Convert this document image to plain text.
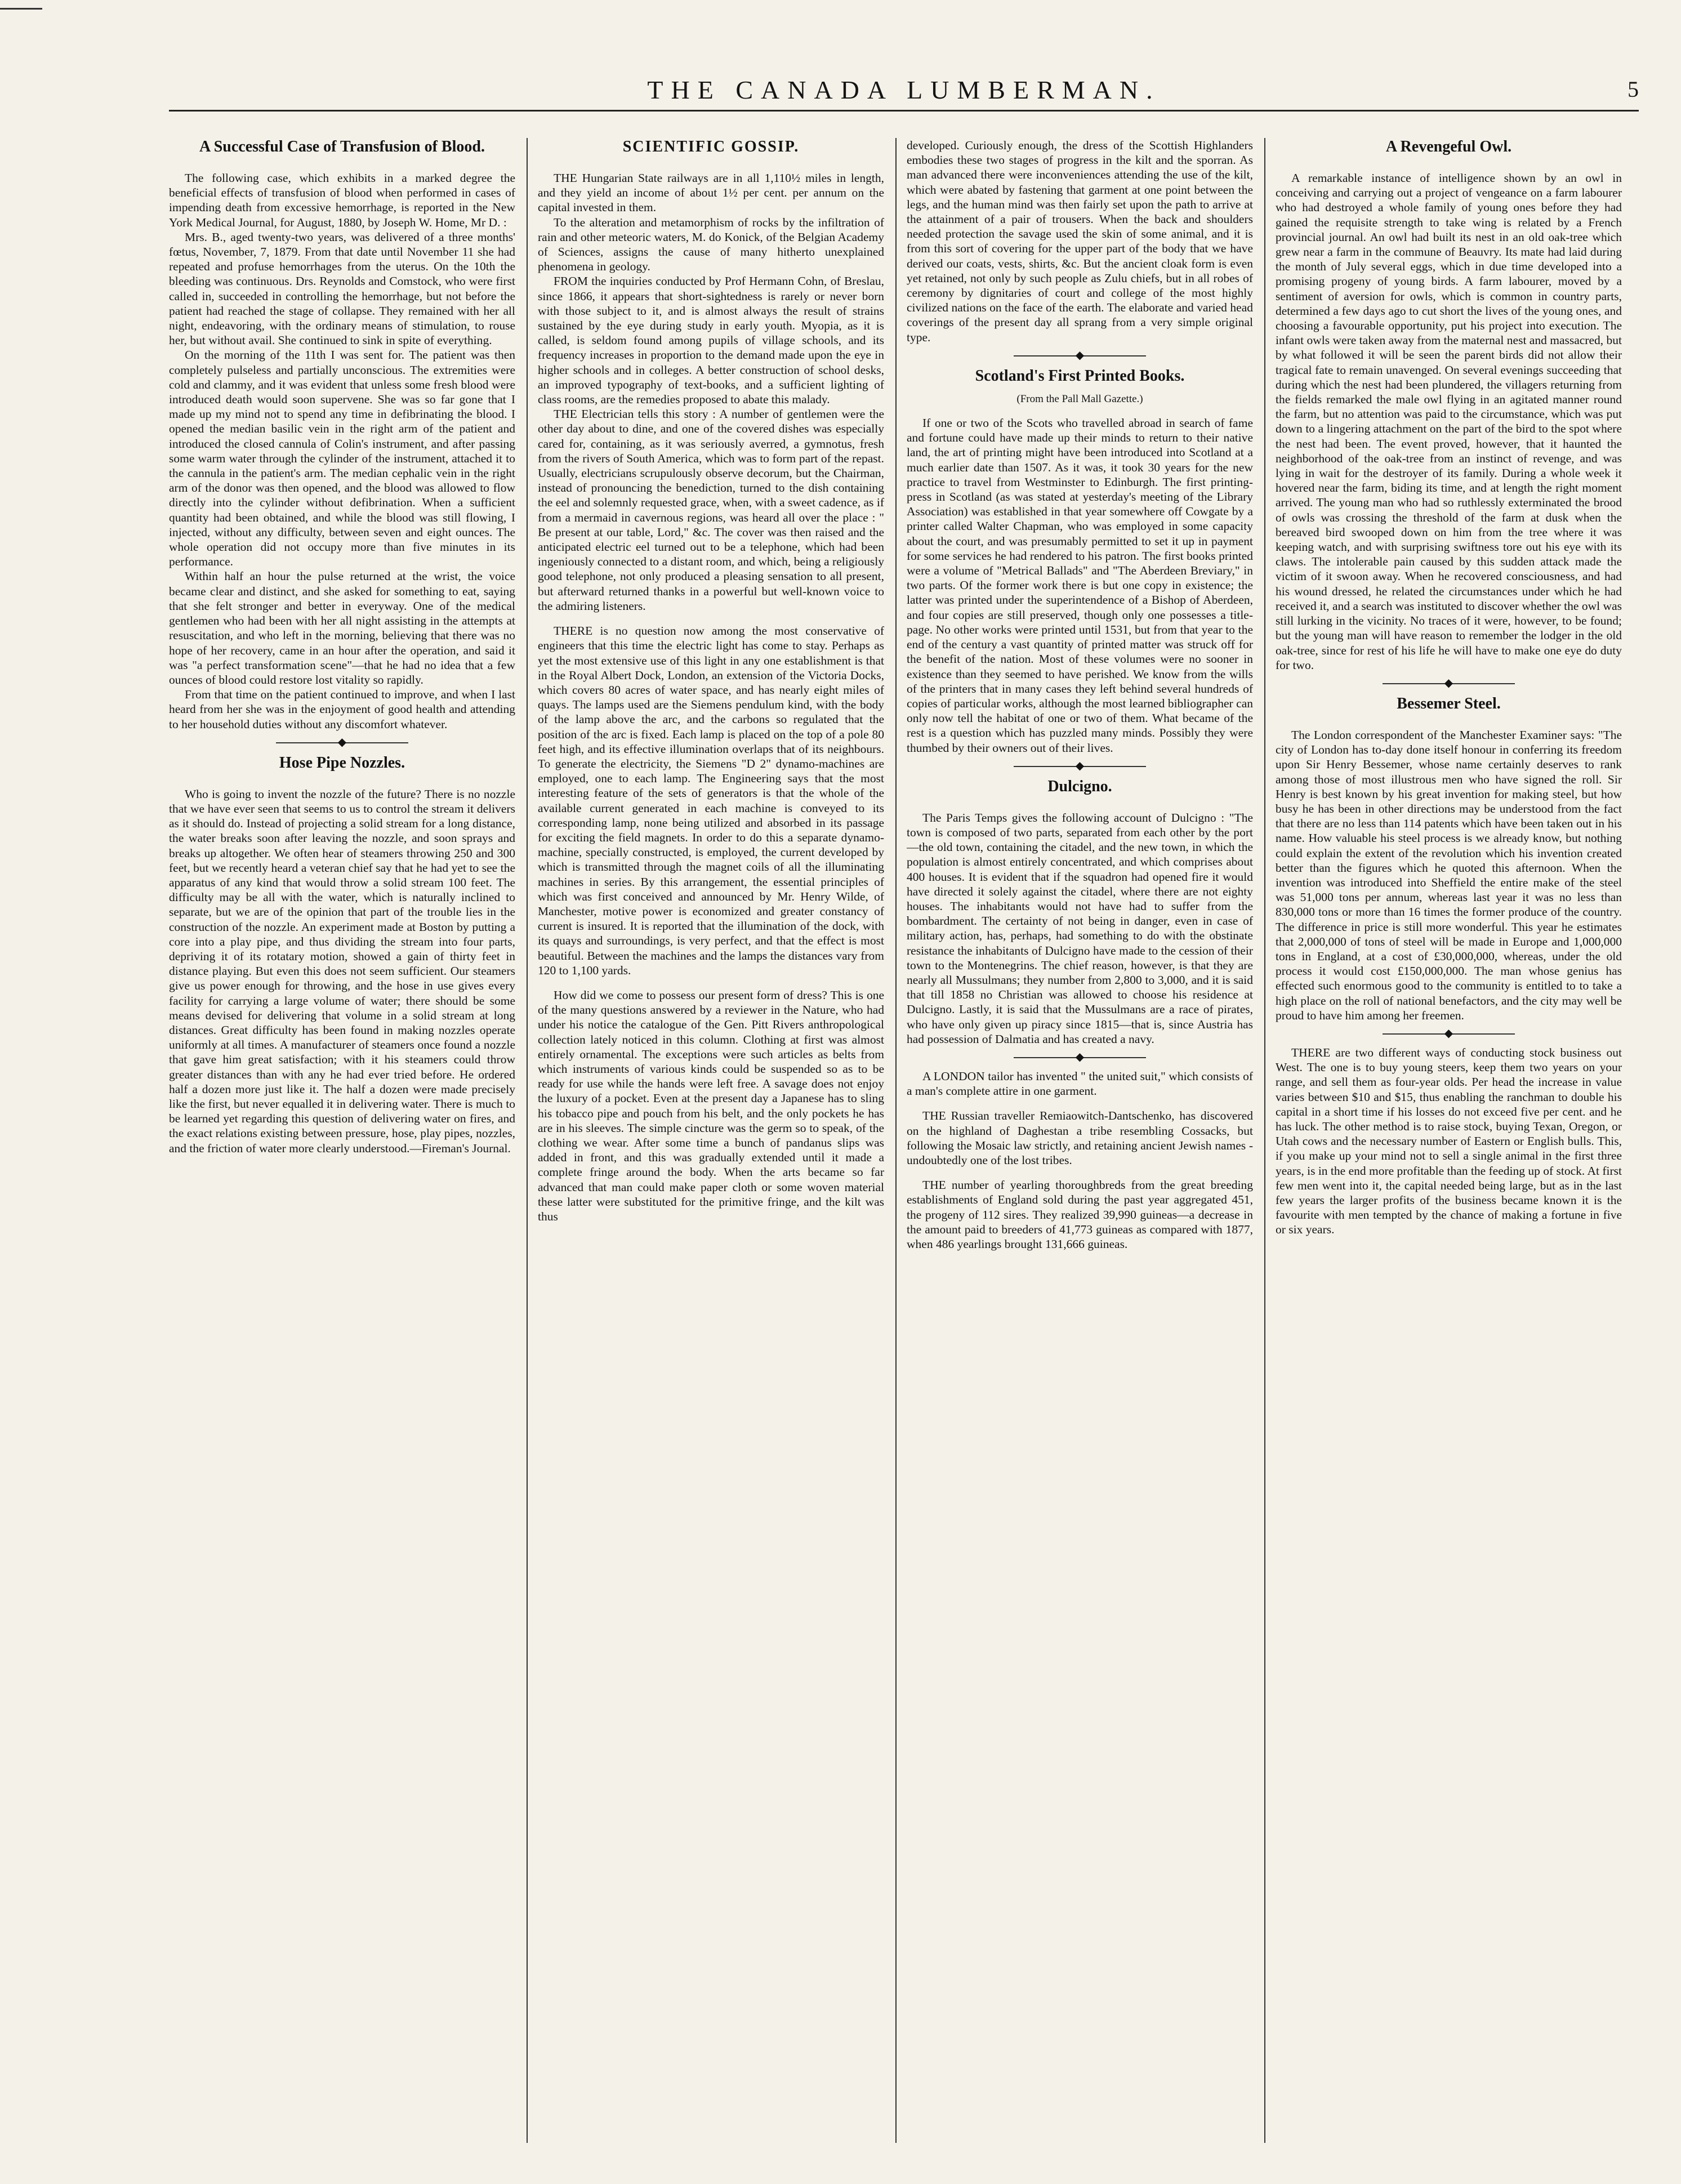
THE CANADA LUMBERMAN.	5
A Successful Case of Transfusion of Blood.

The following case, which exhibits in a marked degree the beneficial effects of transfusion of blood when performed in cases of impending death from excessive hemorrhage, is reported in the New York Medical Journal, for August, 1880, by Joseph W. Home, Mr D. :

Mrs. B., aged twenty-two years, was delivered of a three months' fœtus, November, 7, 1879. From that date until November 11 she had repeated and profuse hemorrhages from the uterus. On the 10th the bleeding was continuous. Drs. Reynolds and Comstock, who were first called in, succeeded in controlling the hemorrhage, but not before the patient had reached the stage of collapse. They remained with her all night, endeavoring, with the ordinary means of stimulation, to rouse her, but without avail. She continued to sink in spite of everything.

On the morning of the 11th I was sent for. The patient was then completely pulseless and partially unconscious. The extremities were cold and clammy, and it was evident that unless some fresh blood were introduced death would soon supervene. She was so far gone that I made up my mind not to spend any time in defibrinating the blood. I opened the median basilic vein in the right arm of the patient and introduced the closed cannula of Colin's instrument, and after passing some warm water through the cylinder of the instrument, attached it to the cannula in the patient's arm. The median cephalic vein in the right arm of the donor was then opened, and the blood was allowed to flow directly into the cylinder without defibrination. When a sufficient quantity had been obtained, and while the blood was still flowing, I injected, without any difficulty, between seven and eight ounces. The whole operation did not occupy more than five minutes in its performance.

Within half an hour the pulse returned at the wrist, the voice became clear and distinct, and she asked for something to eat, saying that she felt stronger and better in everyway. One of the medical gentlemen who had been with her all night assisting in the attempts at resuscitation, and who left in the morning, believing that there was no hope of her recovery, came in an hour after the operation, and said it was "a perfect transformation scene"—that he had no idea that a few ounces of blood could restore lost vitality so rapidly.

From that time on the patient continued to improve, and when I last heard from her she was in the enjoyment of good health and attending to her household duties without any discomfort whatever.

◆
Hose Pipe Nozzles.

Who is going to invent the nozzle of the future? There is no nozzle that we have ever seen that seems to us to control the stream it delivers as it should do. Instead of projecting a solid stream for a long distance, the water breaks soon after leaving the nozzle, and soon sprays and breaks up altogether. We often hear of steamers throwing 250 and 300 feet, but we recently heard a veteran chief say that he had yet to see the apparatus of any kind that would throw a solid stream 100 feet. The difficulty may be all with the water, which is naturally inclined to separate, but we are of the opinion that part of the trouble lies in the construction of the nozzle. An experiment made at Boston by putting a core into a play pipe, and thus dividing the stream into four parts, depriving it of its rotatary motion, showed a gain of thirty feet in distance playing. But even this does not seem sufficient. Our steamers give us power enough for throwing, and the hose in use gives every facility for carrying a large volume of water; there should be some means devised for delivering that volume in a solid stream at long distances. Great difficulty has been found in making nozzles operate uniformly at all times. A manufacturer of steamers once found a nozzle that gave him great satisfaction; with it his steamers could throw greater distances than with any he had ever tried before. He ordered half a dozen more just like it. The half a dozen were made precisely like the first, but never equalled it in delivering water. There is much to be learned yet regarding this question of delivering water on fires, and the exact relations existing between pressure, hose, play pipes, nozzles, and the friction of water more clearly understood.—Fireman's Journal.

SCIENTIFIC GOSSIP.

THE Hungarian State railways are in all 1,110½ miles in length, and they yield an income of about 1½ per cent. per annum on the capital invested in them.

To the alteration and metamorphism of rocks by the infiltration of rain and other meteoric waters, M. do Konick, of the Belgian Academy of Sciences, assigns the cause of many hitherto unexplained phenomena in geology.

FROM the inquiries conducted by Prof Hermann Cohn, of Breslau, since 1866, it appears that short-sightedness is rarely or never born with those subject to it, and is almost always the result of strains sustained by the eye during study in early youth. Myopia, as it is called, is seldom found among pupils of village schools, and its frequency increases in proportion to the demand made upon the eye in higher schools and in colleges. A better construction of school desks, an improved typography of text-books, and a sufficient lighting of class rooms, are the remedies proposed to abate this malady.

THE Electrician tells this story : A number of gentlemen were the other day about to dine, and one of the covered dishes was especially cared for, containing, as it was seriously averred, a gymnotus, fresh from the rivers of South America, which was to form part of the repast. Usually, electricians scrupulously observe decorum, but the Chairman, instead of pronouncing the benediction, turned to the dish containing the eel and solemnly requested grace, when, with a sweet cadence, as if from a mermaid in cavernous regions, was heard all over the place : " Be present at our table, Lord," &c. The cover was then raised and the anticipated electric eel turned out to be a telephone, which had been ingeniously connected to a distant room, and which, being a religiously good telephone, not only produced a pleasing sensation to all present, but afterward returned thanks in a powerful but well-known voice to the admiring listeners.

THERE is no question now among the most conservative of engineers that this time the electric light has come to stay. Perhaps as yet the most extensive use of this light in any one establishment is that in the Royal Albert Dock, London, an extension of the Victoria Docks, which covers 80 acres of water space, and has nearly eight miles of quays. The lamps used are the Siemens pendulum kind, with the body of the lamp above the arc, and the carbons so regulated that the position of the arc is fixed. Each lamp is placed on the top of a pole 80 feet high, and its effective illumination overlaps that of its neighbours. To generate the electricity, the Siemens "D 2" dynamo-machines are employed, one to each lamp. The Engineering says that the most interesting feature of the sets of generators is that the whole of the available current generated in each machine is conveyed to its corresponding lamp, none being utilized and absorbed in its passage for exciting the field magnets. In order to do this a separate dynamo-machine, specially constructed, is employed, the current developed by which is transmitted through the magnet coils of all the illuminating machines in series. By this arrangement, the essential principles of which was first conceived and announced by Mr. Henry Wilde, of Manchester, motive power is economized and greater constancy of current is insured. It is reported that the illumination of the dock, with its quays and surroundings, is very perfect, and that the effect is most beautiful. Between the machines and the lamps the distances vary from 120 to 1,100 yards.

How did we come to possess our present form of dress? This is one of the many questions answered by a reviewer in the Nature, who had under his notice the catalogue of the Gen. Pitt Rivers anthropological collection lately noticed in this column. Clothing at first was almost entirely ornamental. The exceptions were such articles as belts from which instruments of various kinds could be suspended so as to be ready for use while the hands were left free. A savage does not enjoy the luxury of a pocket. Even at the present day a Japanese has to sling his tobacco pipe and pouch from his belt, and the only pockets he has are in his sleeves. The simple cincture was the germ so to speak, of the clothing we wear. After some time a bunch of pandanus slips was added in front, and this was gradually extended until it made a complete fringe around the body. When the arts became so far advanced that man could make paper cloth or some woven material these latter were substituted for the primitive fringe, and the kilt was thus

developed. Curiously enough, the dress of the Scottish Highlanders embodies these two stages of progress in the kilt and the sporran. As man advanced there were inconveniences attending the use of the kilt, which were abated by fastening that garment at one point between the legs, and the human mind was then fairly set upon the path to arrive at the attainment of a pair of trousers. When the back and shoulders needed protection the savage used the skin of some animal, and it is from this sort of covering for the upper part of the body that we have derived our coats, vests, shirts, &c. But the ancient cloak form is even yet retained, not only by such people as Zulu chiefs, but in all robes of ceremony by dignitaries of court and college of the most highly civilized nations on the face of the earth. The elaborate and varied head coverings of the present day all sprang from a very simple original type.

◆
Scotland's First Printed Books.
(From the Pall Mall Gazette.)

If one or two of the Scots who travelled abroad in search of fame and fortune could have made up their minds to return to their native land, the art of printing might have been introduced into Scotland at a much earlier date than 1507. As it was, it took 30 years for the new practice to travel from Westminster to Edinburgh. The first printing-press in Scotland (as was stated at yesterday's meeting of the Library Association) was established in that year somewhere off Cowgate by a printer called Walter Chapman, who was employed in some capacity about the court, and was presumably permitted to set it up in payment for some services he had rendered to his patron. The first books printed were a volume of "Metrical Ballads" and "The Aberdeen Breviary," in two parts. Of the former work there is but one copy in existence; the latter was printed under the superintendence of a Bishop of Aberdeen, and four copies are still preserved, though only one possesses a title-page. No other works were printed until 1531, but from that year to the end of the century a vast quantity of printed matter was struck off for the benefit of the nation. Most of these volumes were no sooner in existence than they seemed to have perished. We know from the wills of the printers that in many cases they left behind several hundreds of copies of particular works, although the most learned bibliographer can only now tell the habitat of one or two of them. What became of the rest is a question which has puzzled many minds. Possibly they were thumbed by their owners out of their lives.

◆
Dulcigno.

The Paris Temps gives the following account of Dulcigno : "The town is composed of two parts, separated from each other by the port—the old town, containing the citadel, and the new town, in which the population is almost entirely concentrated, and which comprises about 400 houses. It is evident that if the squadron had opened fire it would have directed it solely against the citadel, where there are not eighty houses. The inhabitants would not have had to suffer from the bombardment. The certainty of not being in danger, even in case of military action, has, perhaps, had something to do with the obstinate resistance the inhabitants of Dulcigno have made to the cession of their town to the Montenegrins. The chief reason, however, is that they are nearly all Mussulmans; they number from 2,800 to 3,000, and it is said that till 1858 no Christian was allowed to choose his residence at Dulcigno. Lastly, it is said that the Mussulmans are a race of pirates, who have only given up piracy since 1815—that is, since Austria has had possession of Dalmatia and has created a navy.

◆

A LONDON tailor has invented " the united suit," which consists of a man's complete attire in one garment.

THE Russian traveller Remiaowitch-Dantschenko, has discovered on the highland of Daghestan a tribe resembling Cossacks, but following the Mosaic law strictly, and retaining ancient Jewish names - undoubtedly one of the lost tribes.

THE number of yearling thoroughbreds from the great breeding establishments of England sold during the past year aggregated 451, the progeny of 112 sires. They realized 39,990 guineas—a decrease in the amount paid to breeders of 41,773 guineas as compared with 1877, when 486 yearlings brought 131,666 guineas.

A Revengeful Owl.

A remarkable instance of intelligence shown by an owl in conceiving and carrying out a project of vengeance on a farm labourer who had destroyed a whole family of young ones before they had gained the requisite strength to take wing is related by a French provincial journal. An owl had built its nest in an old oak-tree which grew near a farm in the commune of Beauvry. Its mate had laid during the month of July several eggs, which in due time developed into a promising progeny of young birds. A farm labourer, moved by a sentiment of aversion for owls, which is common in country parts, determined a few days ago to cut short the lives of the young ones, and choosing a favourable opportunity, put his project into execution. The infant owls were taken away from the maternal nest and massacred, but by what followed it will be seen the parent birds did not allow their tragical fate to remain unavenged. On several evenings succeeding that during which the nest had been plundered, the villagers returning from the fields remarked the male owl flying in an agitated manner round the farm, but no attention was paid to the circumstance, which was put down to a lingering attachment on the part of the bird to the spot where the nest had been. The event proved, however, that it haunted the neighborhood of the oak-tree from an instinct of revenge, and was lying in wait for the destroyer of its family. During a whole week it hovered near the farm, biding its time, and at length the right moment arrived. The young man who had so ruthlessly exterminated the brood of owls was crossing the threshold of the farm at dusk when the bereaved bird swooped down on him from the tree where it was keeping watch, and with surprising swiftness tore out his eye with its claws. The intolerable pain caused by this sudden attack made the victim of it swoon away. When he recovered consciousness, and had his wound dressed, he related the circumstances under which he had received it, and a search was instituted to discover whether the owl was still lurking in the vicinity. No traces of it were, however, to be found; but the young man will have reason to remember the lodger in the old oak-tree, since for rest of his life he will have to make one eye do duty for two.

◆
Bessemer Steel.

The London correspondent of the Manchester Examiner says: "The city of London has to-day done itself honour in conferring its freedom upon Sir Henry Bessemer, whose name certainly deserves to rank among those of most illustrous men who have signed the roll. Sir Henry is best known by his great invention for making steel, but how busy he has been in other directions may be understood from the fact that there are no less than 114 patents which have been taken out in his name. How valuable his steel process is we already know, but nothing could explain the extent of the revolution which his invention created better than the figures which he quoted this afternoon. When the invention was introduced into Sheffield the entire make of the steel was 51,000 tons per annum, whereas last year it was no less than 830,000 tons or more than 16 times the former produce of the country. The difference in price is still more wonderful. This year he estimates that 2,000,000 of tons of steel will be made in Europe and 1,000,000 tons in England, at a cost of £30,000,000, whereas, under the old process it would cost £150,000,000. The man whose genius has effected such enormous good to the community is entitled to to take a high place on the roll of national benefactors, and the city may well be proud to have him among her freemen.

◆

THERE are two different ways of conducting stock business out West. The one is to buy young steers, keep them two years on your range, and sell them as four-year olds. Per head the increase in value varies between $10 and $15, thus enabling the ranchman to double his capital in a short time if his losses do not exceed five per cent. and he has luck. The other method is to raise stock, buying Texan, Oregon, or Utah cows and the necessary number of Eastern or English bulls. This, if you make up your mind not to sell a single animal in the first three years, is in the end more profitable than the feeding up of stock. At first few men went into it, the capital needed being large, but as in the last few years the larger profits of the business became known it is the favourite with men tempted by the chance of making a fortune in five or six years.
